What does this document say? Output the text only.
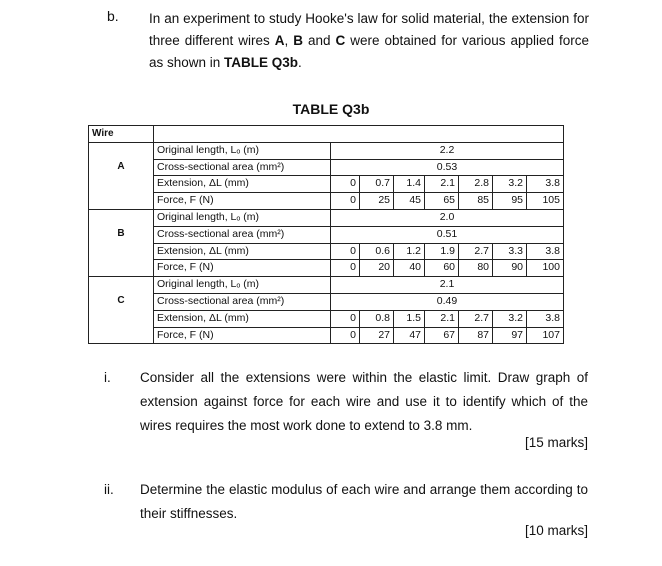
b. In an experiment to study Hooke's law for solid material, the extension for three different wires A, B and C were obtained for various applied force as shown in TABLE Q3b.
TABLE Q3b
Wire								
A	Original length, Lₒ (m)	2.2						
	Cross-sectional area (mm²)	0.53						
	Extension, ΔL (mm)	0	0.7	1.4	2.1	2.8	3.2	3.8
	Force, F (N)	0	25	45	65	85	95	105
B	Original length, Lₒ (m)	2.0						
	Cross-sectional area (mm²)	0.51						
	Extension, ΔL (mm)	0	0.6	1.2	1.9	2.7	3.3	3.8
	Force, F (N)	0	20	40	60	80	90	100
C	Original length, Lₒ (m)	2.1						
	Cross-sectional area (mm²)	0.49						
	Extension, ΔL (mm)	0	0.8	1.5	2.1	2.7	3.2	3.8
	Force, F (N)	0	27	47	67	87	97	107
i. Consider all the extensions were within the elastic limit. Draw graph of extension against force for each wire and use it to identify which of the wires requires the most work done to extend to 3.8 mm.
[15 marks]
ii. Determine the elastic modulus of each wire and arrange them according to their stiffnesses.
[10 marks]
